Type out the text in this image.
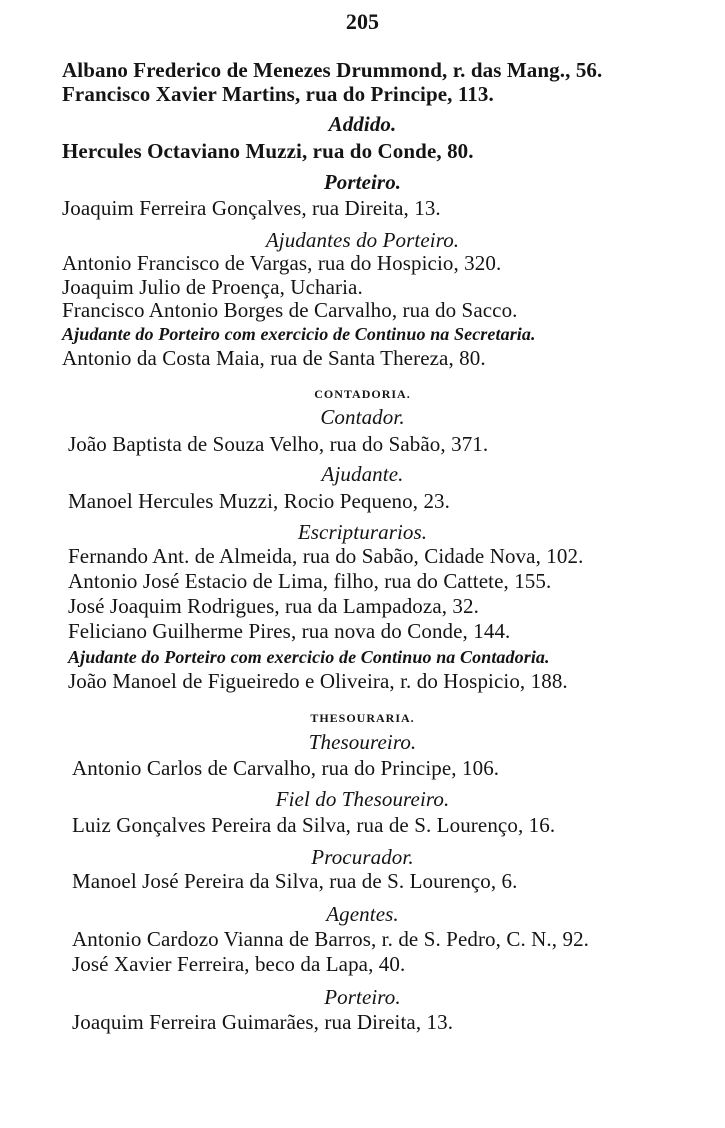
205
Albano Frederico de Menezes Drummond, r. das Mang., 56.
Francisco Xavier Martins, rua do Principe, 113.
Addido.
Hercules Octaviano Muzzi, rua do Conde, 80.
Porteiro.
Joaquim Ferreira Gonçalves, rua Direita, 13.
Ajudantes do Porteiro.
Antonio Francisco de Vargas, rua do Hospicio, 320.
Joaquim Julio de Proença, Ucharia.
Francisco Antonio Borges de Carvalho, rua do Sacco.
Ajudante do Porteiro com exercicio de Continuo na Secretaria.
Antonio da Costa Maia, rua de Santa Thereza, 80.
CONTADORIA.
Contador.
João Baptista de Souza Velho, rua do Sabão, 371.
Ajudante.
Manoel Hercules Muzzi, Rocio Pequeno, 23.
Escripturarios.
Fernando Ant. de Almeida, rua do Sabão, Cidade Nova, 102.
Antonio José Estacio de Lima, filho, rua do Cattete, 155.
José Joaquim Rodrigues, rua da Lampadoza, 32.
Feliciano Guilherme Pires, rua nova do Conde, 144.
Ajudante do Porteiro com exercicio de Continuo na Contadoria.
João Manoel de Figueiredo e Oliveira, r. do Hospicio, 188.
THESOURARIA.
Thesoureiro.
Antonio Carlos de Carvalho, rua do Principe, 106.
Fiel do Thesoureiro.
Luiz Gonçalves Pereira da Silva, rua de S. Lourenço, 16.
Procurador.
Manoel José Pereira da Silva, rua de S. Lourenço, 6.
Agentes.
Antonio Cardozo Vianna de Barros, r. de S. Pedro, C. N., 92.
José Xavier Ferreira, beco da Lapa, 40.
Porteiro.
Joaquim Ferreira Guimarães, rua Direita, 13.
